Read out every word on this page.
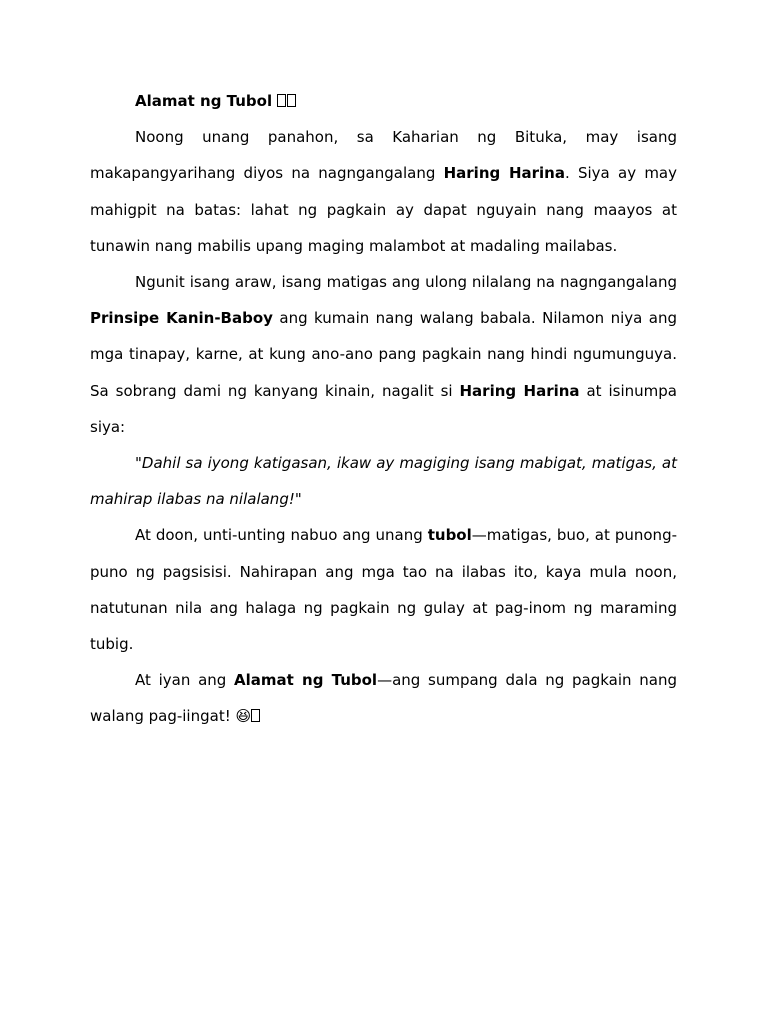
Alamat ng Tubol

Noong unang panahon, sa Kaharian ng Bituka, may isang makapangyarihang diyos na nagngangalang Haring Harina. Siya ay may mahigpit na batas: lahat ng pagkain ay dapat nguyain nang maayos at tunawin nang mabilis upang maging malambot at madaling mailabas.

Ngunit isang araw, isang matigas ang ulong nilalang na nagngangalang Prinsipe Kanin-Baboy ang kumain nang walang babala. Nilamon niya ang mga tinapay, karne, at kung ano-ano pang pagkain nang hindi ngumunguya. Sa sobrang dami ng kanyang kinain, nagalit si Haring Harina at isinumpa siya:

"Dahil sa iyong katigasan, ikaw ay magiging isang mabigat, matigas, at mahirap ilabas na nilalang!"

At doon, unti-unting nabuo ang unang tubol—matigas, buo, at punong-puno ng pagsisisi. Nahirapan ang mga tao na ilabas ito, kaya mula noon, natutunan nila ang halaga ng pagkain ng gulay at pag-inom ng maraming tubig.

At iyan ang Alamat ng Tubol—ang sumpang dala ng pagkain nang walang pag-iingat! 😆
